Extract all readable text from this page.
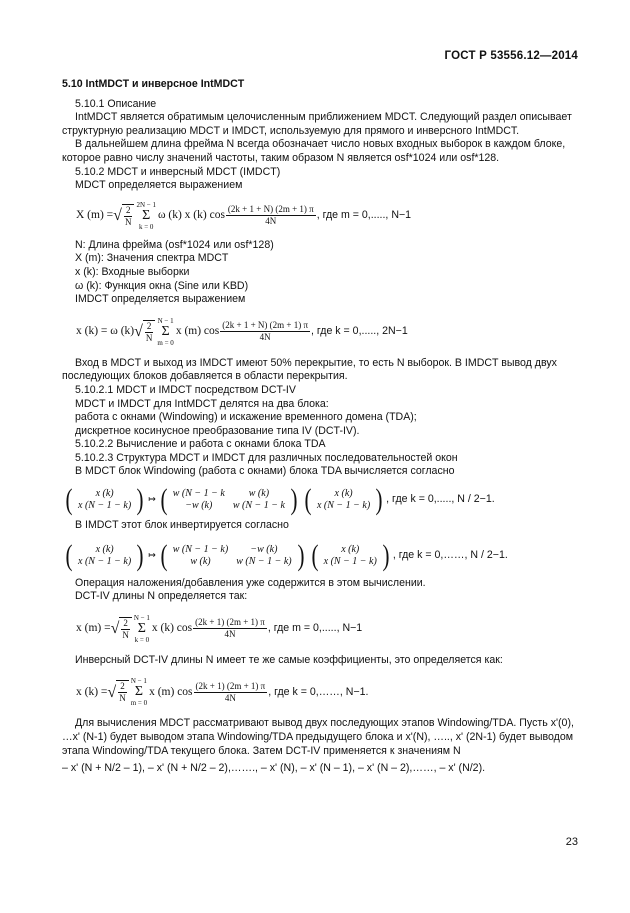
ГОСТ Р 53556.12—2014

5.10 IntMDCT и инверсное IntMDCT

5.10.1 Описание

IntMDCT является обратимым целочисленным приближением MDCT. Следующий раздел описывает структурную реализацию MDCT и IMDCT, используемую для прямого и инверсного IntMDCT.

В дальнейшем длина фрейма N всегда обозначает число новых входных выборок в каждом блоке, которое равно числу значений частоты, таким образом N является osf*1024 или osf*128.

5.10.2 MDCT и инверсный MDCT (IMDCT)

MDCT определяется выражением

X (m) = √ $\frac{2}{N} 2N - 1$
Σ
k = 0
ω (k) x (k) $\cos \frac{(2k + 1 + N) (2m + 1) \pi}{4N}$ , где m = 0,....., N−1

N: Длина фрейма (osf*1024 или osf*128)

X (m): Значения спектра MDCT

x (k): Входные выборки

ω (k): Функция окна (Sine или KBD)

IMDCT определяется выражением

x (k) = ω (k) √ $\frac{2}{N}$ N − 1
Σ
m = 0
x (m) $\cos \frac{(2k + 1 + N) (2m + 1) \pi}{4N}$ , где k = 0,....., 2N−1

Вход в MDCT и выход из IMDCT имеют 50% перекрытие, то есть N выборок. В IMDCT вывод двух последующих блоков добавляется в области перекрытия.

5.10.2.1 MDCT и IMDCT посредством DCT-IV

MDCT и IMDCT для IntMDCT делятся на два блока:

работа с окнами (Windowing) и искажение временного домена (TDA);

дискретное косинусное преобразование типа IV (DCT-IV).

5.10.2.2 Вычисление и работа с окнами блока TDA

5.10.2.3 Структура MDCT и IMDCT для различных последовательностей окон

В MDCT блок Windowing (работа с окнами) блока TDA вычисляется согласно

( x (k)
x (N − 1 − k) ) ↦ ( w (N − 1 − k	w (k)
−w (k)	w (N − 1 − k ) ( x (k)
x (N − 1 − k) ) , где k = 0,....., N / 2−1.

В IMDCT этот блок инвертируется согласно

( x (k)
x (N − 1 − k) ) ↦ ( w (N − 1 − k)	−w (k)
w (k)	w (N − 1 − k) ) ( x (k)
x (N − 1 − k) ) , где k = 0,……, N / 2−1.

Операция наложения/добавления уже содержится в этом вычислении.

DCT-IV длины N определяется так:

x (m) = √ $\frac{2}{N}$ N − 1
Σ
k = 0
x (k) $\cos \frac{(2k + 1) (2m + 1) \pi}{4N}$ , где m = 0,....., N−1

Инверсный DCT-IV длины N имеет те же самые коэффициенты, это определяется как:

x (k) = √ $\frac{2}{N}$ N − 1
Σ
m = 0
x (m) $\cos \frac{(2k + 1) (2m + 1) \pi}{4N}$ , где k = 0,……, N−1.

Для вычисления MDCT рассматривают вывод двух последующих этапов Windowing/TDA. Пусть x'(0), …x' (N-1) будет выводом этапа Windowing/TDA предыдущего блока и x'(N), ….., x' (2N-1) будет выводом этапа Windowing/TDA текущего блока. Затем DCT-IV применяется к значениям N

– x' (N + N/2 – 1), – x' (N + N/2 – 2),……., – x' (N), – x' (N – 1), – x' (N – 2),……, – x' (N/2).

23
